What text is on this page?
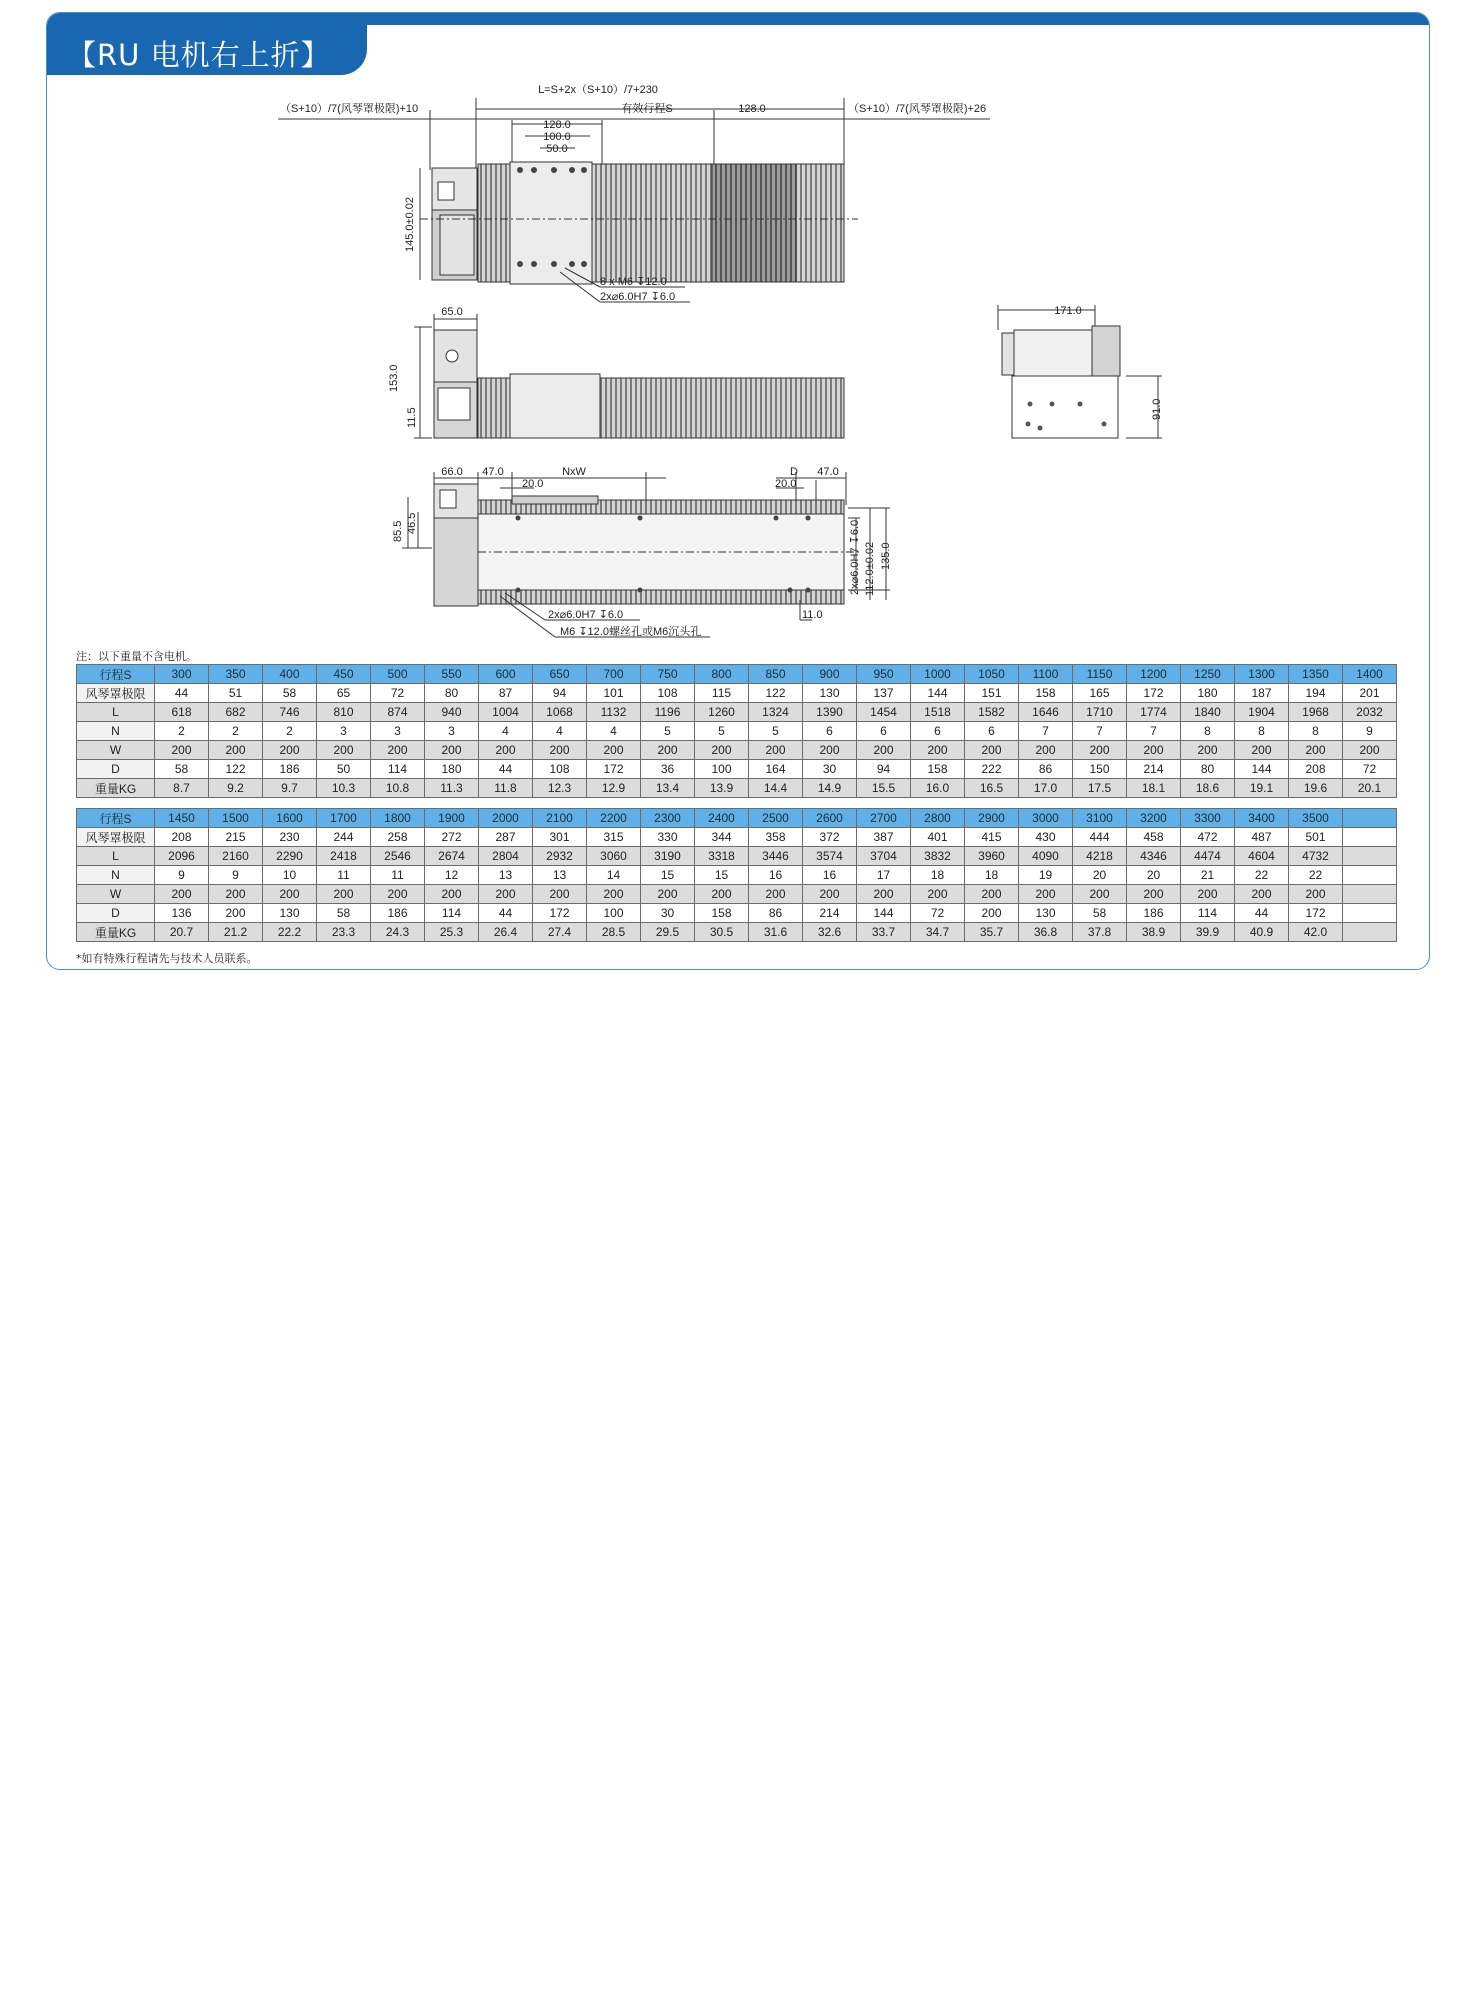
【RU 电机右上折】
L=S+2x（S+10）/7+230
（S+10）/7(风琴罩极限)+10	有效行程S	128.0	（S+10）/7(风琴罩极限)+26
128.0
100.0
50.0
145.0±0.02
8 x M6 ↧12.0
2x⌀6.0H7 ↧6.0
65.0
153.0
11.5
171.0
91.0
66.0 47.0
20.0
NxW	D
20.0
47.0
85.5 46.5	2x⌀6.0H7 ↧6.0 112.0±0.02 135.0
11.0
2x⌀6.0H7 ↧6.0
M6 ↧12.0螺丝孔或M6沉头孔
注：以下重量不含电机。
行程S	300	350	400	450	500	550	600	650	700	750	800	850	900	950	1000	1050	1100	1150	1200	1250	1300	1350	1400
风琴罩极限	44	51	58	65	72	80	87	94	101	108	115	122	130	137	144	151	158	165	172	180	187	194	201
L	618	682	746	810	874	940	1004	1068	1132	1196	1260	1324	1390	1454	1518	1582	1646	1710	1774	1840	1904	1968	2032
N	2	2	2	3	3	3	4	4	4	5	5	5	6	6	6	6	7	7	7	8	8	8	9
W	200	200	200	200	200	200	200	200	200	200	200	200	200	200	200	200	200	200	200	200	200	200	200
D	58	122	186	50	114	180	44	108	172	36	100	164	30	94	158	222	86	150	214	80	144	208	72
重量KG	8.7	9.2	9.7	10.3	10.8	11.3	11.8	12.3	12.9	13.4	13.9	14.4	14.9	15.5	16.0	16.5	17.0	17.5	18.1	18.6	19.1	19.6	20.1
行程S	1450	1500	1600	1700	1800	1900	2000	2100	2200	2300	2400	2500	2600	2700	2800	2900	3000	3100	3200	3300	3400	3500	
风琴罩极限	208	215	230	244	258	272	287	301	315	330	344	358	372	387	401	415	430	444	458	472	487	501	
L	2096	2160	2290	2418	2546	2674	2804	2932	3060	3190	3318	3446	3574	3704	3832	3960	4090	4218	4346	4474	4604	4732	
N	9	9	10	11	11	12	13	13	14	15	15	16	16	17	18	18	19	20	20	21	22	22	
W	200	200	200	200	200	200	200	200	200	200	200	200	200	200	200	200	200	200	200	200	200	200	
D	136	200	130	58	186	114	44	172	100	30	158	86	214	144	72	200	130	58	186	114	44	172	
重量KG	20.7	21.2	22.2	23.3	24.3	25.3	26.4	27.4	28.5	29.5	30.5	31.6	32.6	33.7	34.7	35.7	36.8	37.8	38.9	39.9	40.9	42.0	
*如有特殊行程请先与技术人员联系。
